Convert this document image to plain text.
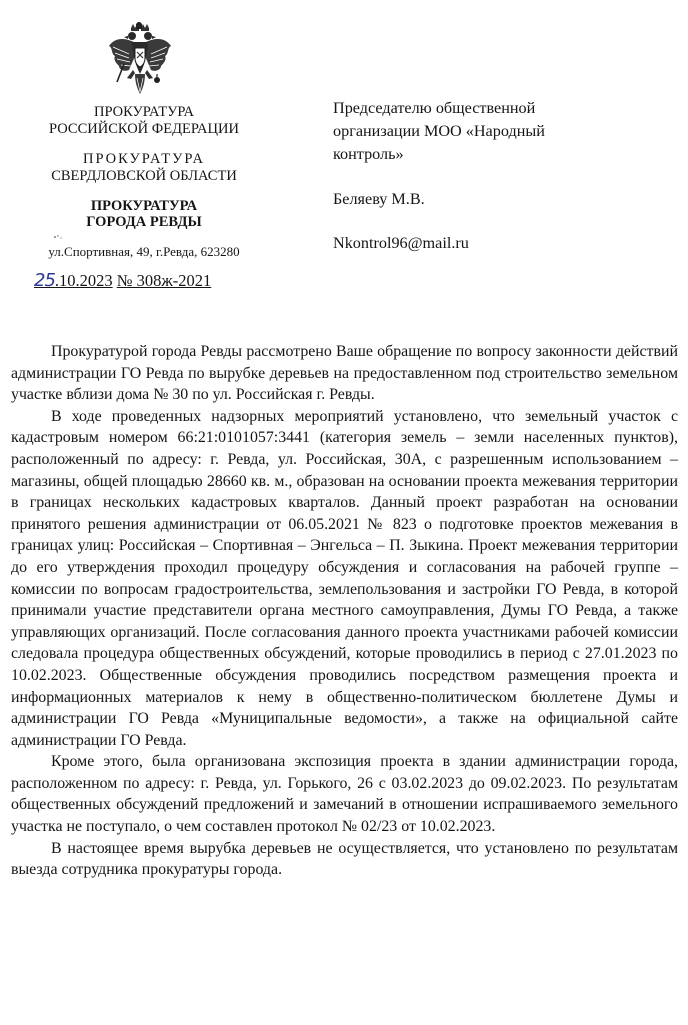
ПРОКУРАТУРА
РОССИЙСКОЙ ФЕДЕРАЦИИ
ПРОКУРАТУРА
СВЕРДЛОВСКОЙ ОБЛАСТИ
ПРОКУРАТУРА
ГОРОДА РЕВДЫ
ул.Спортивная, 49, г.Ревда, 623280
25.10.2023 № 308ж-2021

Председателю общественной

организации МОО «Народный

контроль»

Беляеву М.В.

Nkontrol96@mail.ru

Прокуратурой города Ревды рассмотрено Ваше обращение по вопросу законности действий администрации ГО Ревда по вырубке деревьев на предоставленном под строительство земельном участке вблизи дома № 30 по ул. Российская г. Ревды.

В ходе проведенных надзорных мероприятий установлено, что земельный участок с кадастровым номером 66:21:0101057:3441 (категория земель – земли населенных пунктов), расположенный по адресу: г. Ревда, ул. Российская, 30А, с разрешенным использованием – магазины, общей площадью 28660 кв. м., образован на основании проекта межевания территории в границах нескольких кадастровых кварталов. Данный проект разработан на основании принятого решения администрации от 06.05.2021 № 823 о подготовке проектов межевания в границах улиц: Российская – Спортивная – Энгельса – П. Зыкина. Проект межевания территории до его утверждения проходил процедуру обсуждения и согласования на рабочей группе – комиссии по вопросам градостроительства, землепользования и застройки ГО Ревда, в которой принимали участие представители органа местного самоуправления, Думы ГО Ревда, а также управляющих организаций. После согласования данного проекта участниками рабочей комиссии следовала процедура общественных обсуждений, которые проводились в период с 27.01.2023 по 10.02.2023. Общественные обсуждения проводились посредством размещения проекта и информационных материалов к нему в общественно-политическом бюллетене Думы и администрации ГО Ревда «Муниципальные ведомости», а также на официальной сайте администрации ГО Ревда.

Кроме этого, была организована экспозиция проекта в здании администрации города, расположенном по адресу: г. Ревда, ул. Горького, 26 с 03.02.2023 до 09.02.2023. По результатам общественных обсуждений предложений и замечаний в отношении испрашиваемого земельного участка не поступало, о чем составлен протокол № 02/23 от 10.02.2023.

В настоящее время вырубка деревьев не осуществляется, что установлено по результатам выезда сотрудника прокуратуры города.
